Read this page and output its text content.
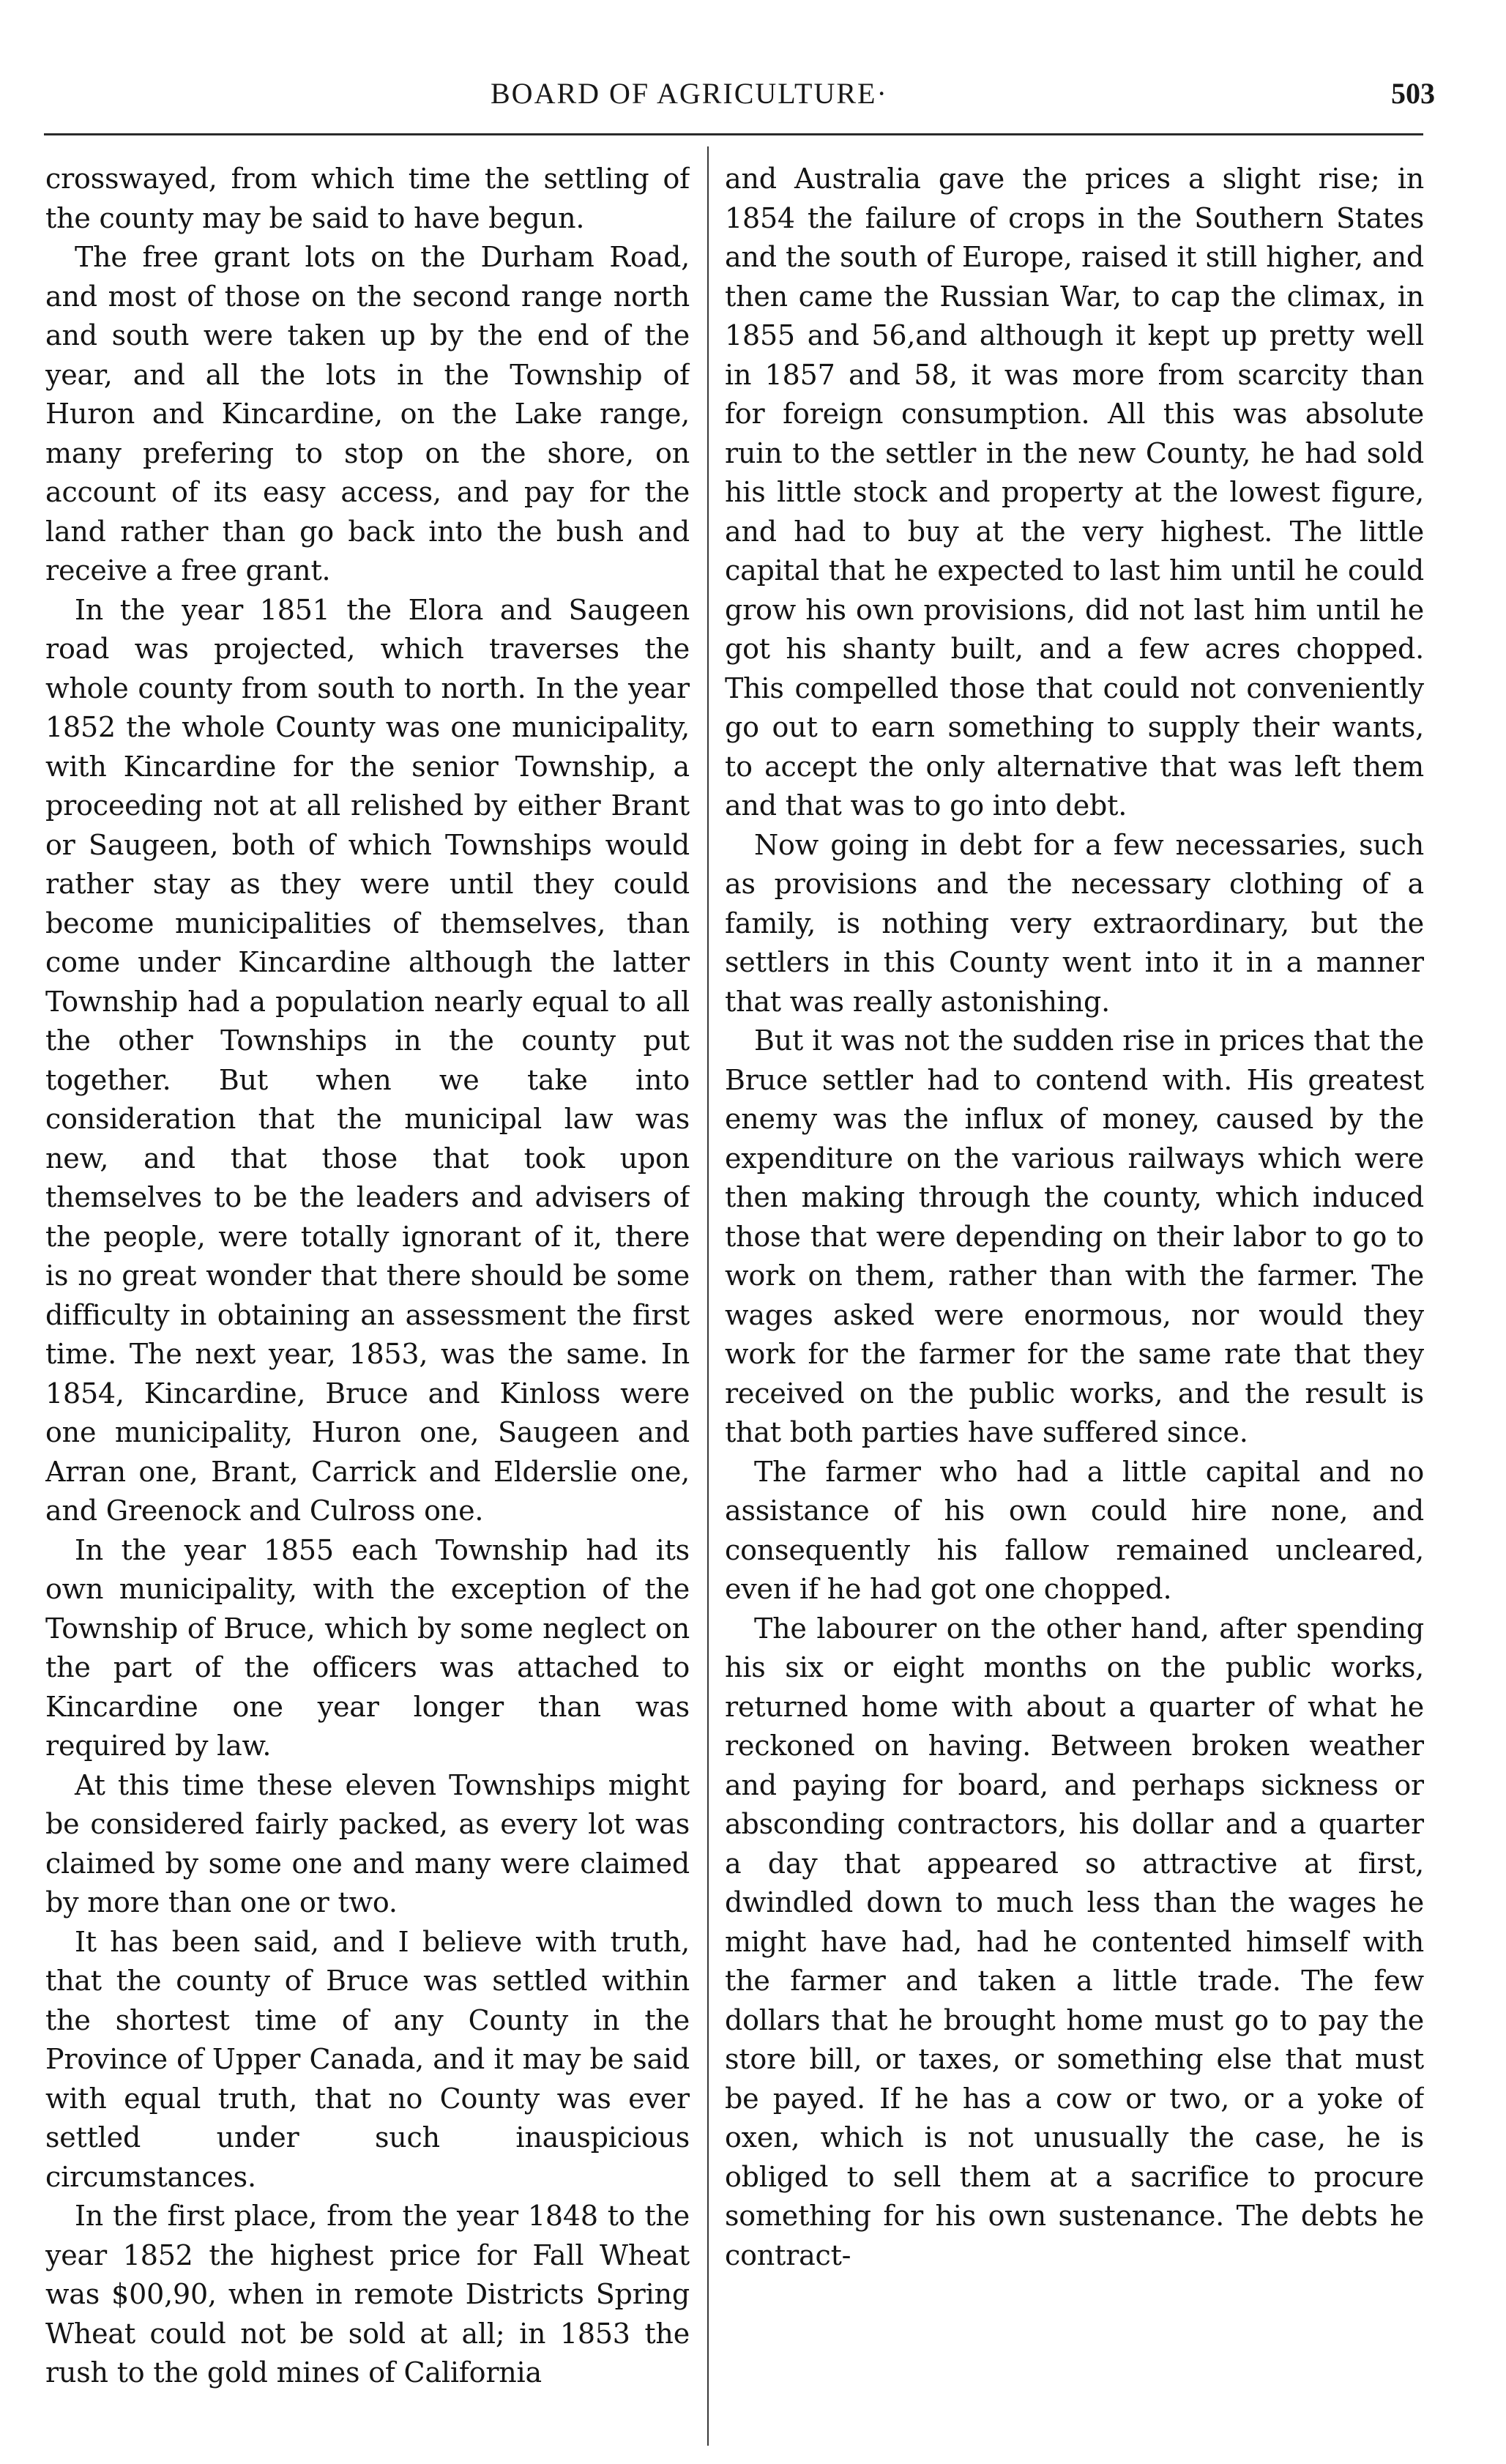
BOARD OF AGRICULTURE·	503

crosswayed, from which time the settling of the county may be said to have begun.

The free grant lots on the Durham Road, and most of those on the second range north and south were taken up by the end of the year, and all the lots in the Township of Huron and Kincardine, on the Lake range, many prefering to stop on the shore, on account of its easy access, and pay for the land rather than go back into the bush and receive a free grant.

In the year 1851 the Elora and Saugeen road was projected, which traverses the whole county from south to north. In the year 1852 the whole County was one municipality, with Kincardine for the senior Township, a proceeding not at all relished by either Brant or Saugeen, both of which Townships would rather stay as they were until they could become municipalities of themselves, than come under Kincardine although the latter Township had a population nearly equal to all the other Townships in the county put together. But when we take into consideration that the municipal law was new, and that those that took upon themselves to be the leaders and advisers of the people, were totally ignorant of it, there is no great wonder that there should be some difficulty in obtaining an assessment the first time. The next year, 1853, was the same. In 1854, Kincardine, Bruce and Kinloss were one municipality, Huron one, Saugeen and Arran one, Brant, Carrick and Elderslie one, and Greenock and Culross one.

In the year 1855 each Township had its own municipality, with the exception of the Township of Bruce, which by some neglect on the part of the officers was attached to Kincardine one year longer than was required by law.

At this time these eleven Townships might be considered fairly packed, as every lot was claimed by some one and many were claimed by more than one or two.

It has been said, and I believe with truth, that the county of Bruce was settled within the shortest time of any County in the Province of Upper Canada, and it may be said with equal truth, that no County was ever settled under such inauspicious circumstances.

In the first place, from the year 1848 to the year 1852 the highest price for Fall Wheat was $00,90, when in remote Districts Spring Wheat could not be sold at all; in 1853 the rush to the gold mines of California

and Australia gave the prices a slight rise; in 1854 the failure of crops in the Southern States and the south of Europe, raised it still higher, and then came the Russian War, to cap the climax, in 1855 and 56,and although it kept up pretty well in 1857 and 58, it was more from scarcity than for foreign consumption. All this was absolute ruin to the settler in the new County, he had sold his little stock and property at the lowest figure, and had to buy at the very highest. The little capital that he expected to last him until he could grow his own provisions, did not last him until he got his shanty built, and a few acres chopped. This compelled those that could not conveniently go out to earn something to supply their wants, to accept the only alternative that was left them and that was to go into debt.

Now going in debt for a few necessaries, such as provisions and the necessary clothing of a family, is nothing very extraordinary, but the settlers in this County went into it in a manner that was really astonishing.

But it was not the sudden rise in prices that the Bruce settler had to contend with. His greatest enemy was the influx of money, caused by the expenditure on the various railways which were then making through the county, which induced those that were depending on their labor to go to work on them, rather than with the farmer. The wages asked were enormous, nor would they work for the farmer for the same rate that they received on the public works, and the result is that both parties have suffered since.

The farmer who had a little capital and no assistance of his own could hire none, and consequently his fallow remained uncleared, even if he had got one chopped.

The labourer on the other hand, after spending his six or eight months on the public works, returned home with about a quarter of what he reckoned on having. Between broken weather and paying for board, and perhaps sickness or absconding contractors, his dollar and a quarter a day that appeared so attractive at first, dwindled down to much less than the wages he might have had, had he contented himself with the farmer and taken a little trade. The few dollars that he brought home must go to pay the store bill, or taxes, or something else that must be payed. If he has a cow or two, or a yoke of oxen, which is not unusually the case, he is obliged to sell them at a sacrifice to procure something for his own sustenance. The debts he contract-
